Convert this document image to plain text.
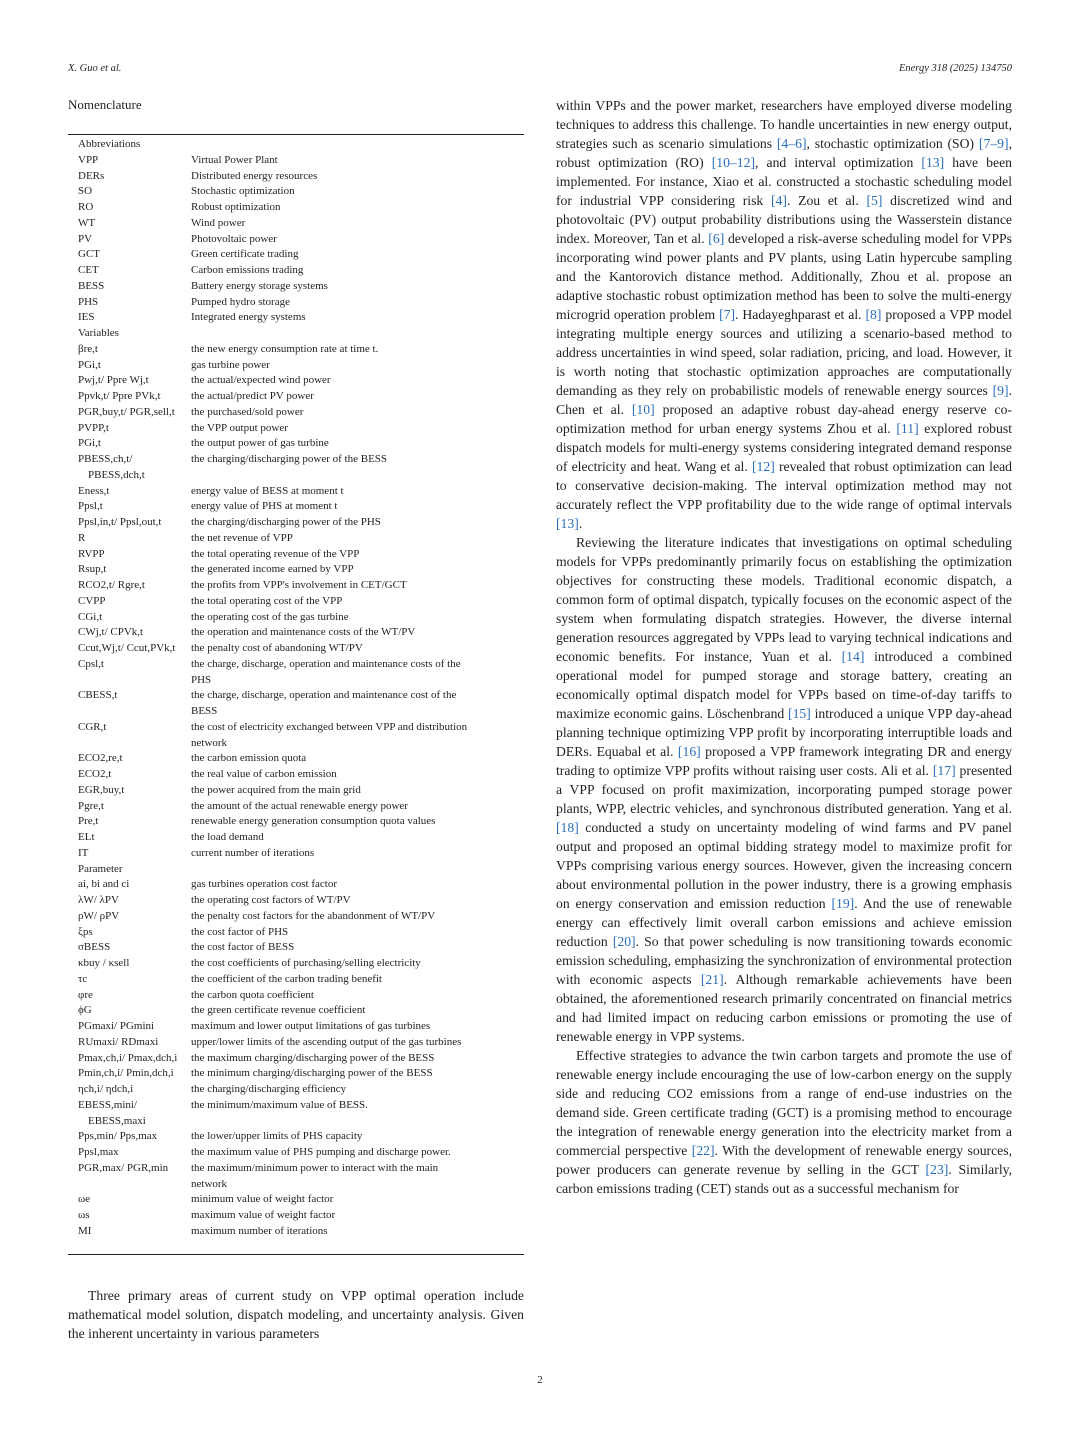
X. Guo et al.	Energy 318 (2025) 134750
Nomenclature
Abbreviations
VPP	Virtual Power Plant
DERs	Distributed energy resources
SO	Stochastic optimization
RO	Robust optimization
WT	Wind power
PV	Photovoltaic power
GCT	Green certificate trading
CET	Carbon emissions trading
BESS	Battery energy storage systems
PHS	Pumped hydro storage
IES	Integrated energy systems
Variables
βre,t	the new energy consumption rate at time t.
PGi,t	gas turbine power
Pwj,t/ Ppre Wj,t	the actual/expected wind power
Ppvk,t/ Ppre PVk,t	the actual/predict PV power
PGR,buy,t/ PGR,sell,t	the purchased/sold power
PVPP,t	the VPP output power
PGi,t	the output power of gas turbine
PBESS,ch,t/	the charging/discharging power of the BESS
PBESS,dch,t
Eness,t	energy value of BESS at moment t
Ppsl,t	energy value of PHS at moment t
Ppsl,in,t/ Ppsl,out,t	the charging/discharging power of the PHS
R	the net revenue of VPP
RVPP	the total operating revenue of the VPP
Rsup,t	the generated income earned by VPP
RCO2,t/ Rgre,t	the profits from VPP's involvement in CET/GCT
CVPP	the total operating cost of the VPP
CGi,t	the operating cost of the gas turbine
CWj,t/ CPVk,t	the operation and maintenance costs of the WT/PV
Ccut,Wj,t/ Ccut,PVk,t	the penalty cost of abandoning WT/PV
Cpsl,t	the charge, discharge, operation and maintenance costs of the
PHS
CBESS,t	the charge, discharge, operation and maintenance cost of the
BESS
CGR,t	the cost of electricity exchanged between VPP and distribution
network
ECO2,re,t	the carbon emission quota
ECO2,t	the real value of carbon emission
EGR,buy,t	the power acquired from the main grid
Pgre,t	the amount of the actual renewable energy power
Pre,t	renewable energy generation consumption quota values
ELt	the load demand
IT	current number of iterations
Parameter
ai, bi and ci	gas turbines operation cost factor
λW/ λPV	the operating cost factors of WT/PV
ρW/ ρPV	the penalty cost factors for the abandonment of WT/PV
ξps	the cost factor of PHS
σBESS	the cost factor of BESS
κbuy / κsell	the cost coefficients of purchasing/selling electricity
τc	the coefficient of the carbon trading benefit
φre	the carbon quota coefficient
ϕG	the green certificate revenue coefficient
PGmaxi/ PGmini	maximum and lower output limitations of gas turbines
RUmaxi/ RDmaxi	upper/lower limits of the ascending output of the gas turbines
Pmax,ch,i/ Pmax,dch,i	the maximum charging/discharging power of the BESS
Pmin,ch,i/ Pmin,dch,i	the minimum charging/discharging power of the BESS
ηch,i/ ηdch,i	the charging/discharging efficiency
EBESS,mini/	the minimum/maximum value of BESS.
EBESS,maxi
Pps,min/ Pps,max	the lower/upper limits of PHS capacity
Ppsl,max	the maximum value of PHS pumping and discharge power.
PGR,max/ PGR,min	the maximum/minimum power to interact with the main
network
ωe	minimum value of weight factor
ωs	maximum value of weight factor
MI	maximum number of iterations
Three primary areas of current study on VPP optimal operation include mathematical model solution, dispatch modeling, and uncertainty analysis. Given the inherent uncertainty in various parameters

within VPPs and the power market, researchers have employed diverse modeling techniques to address this challenge. To handle uncertainties in new energy output, strategies such as scenario simulations [4–6], stochastic optimization (SO) [7–9], robust optimization (RO) [10–12], and interval optimization [13] have been implemented. For instance, Xiao et al. constructed a stochastic scheduling model for industrial VPP considering risk [4]. Zou et al. [5] discretized wind and photovoltaic (PV) output probability distributions using the Wasserstein distance index. Moreover, Tan et al. [6] developed a risk-averse scheduling model for VPPs incorporating wind power plants and PV plants, using Latin hypercube sampling and the Kantorovich distance method. Additionally, Zhou et al. propose an adaptive stochastic robust optimization method has been to solve the multi-energy microgrid operation problem [7]. Hadayeghparast et al. [8] proposed a VPP model integrating multiple energy sources and utilizing a scenario-based method to address uncertainties in wind speed, solar radiation, pricing, and load. However, it is worth noting that stochastic optimization approaches are computationally demanding as they rely on probabilistic models of renewable energy sources [9]. Chen et al. [10] proposed an adaptive robust day-ahead energy reserve co-optimization method for urban energy systems Zhou et al. [11] explored robust dispatch models for multi-energy systems considering integrated demand response of electricity and heat. Wang et al. [12] revealed that robust optimization can lead to conservative decision-making. The interval optimization method may not accurately reflect the VPP profitability due to the wide range of optimal intervals [13].

Reviewing the literature indicates that investigations on optimal scheduling models for VPPs predominantly primarily focus on establishing the optimization objectives for constructing these models. Traditional economic dispatch, a common form of optimal dispatch, typically focuses on the economic aspect of the system when formulating dispatch strategies. However, the diverse internal generation resources aggregated by VPPs lead to varying technical indications and economic benefits. For instance, Yuan et al. [14] introduced a combined operational model for pumped storage and storage battery, creating an economically optimal dispatch model for VPPs based on time-of-day tariffs to maximize economic gains. Löschenbrand [15] introduced a unique VPP day-ahead planning technique optimizing VPP profit by incorporating interruptible loads and DERs. Equabal et al. [16] proposed a VPP framework integrating DR and energy trading to optimize VPP profits without raising user costs. Ali et al. [17] presented a VPP focused on profit maximization, incorporating pumped storage power plants, WPP, electric vehicles, and synchronous distributed generation. Yang et al. [18] conducted a study on uncertainty modeling of wind farms and PV panel output and proposed an optimal bidding strategy model to maximize profit for VPPs comprising various energy sources. However, given the increasing concern about environmental pollution in the power industry, there is a growing emphasis on energy conservation and emission reduction [19]. And the use of renewable energy can effectively limit overall carbon emissions and achieve emission reduction [20]. So that power scheduling is now transitioning towards economic emission scheduling, emphasizing the synchronization of environmental protection with economic aspects [21]. Although remarkable achievements have been obtained, the aforementioned research primarily concentrated on financial metrics and had limited impact on reducing carbon emissions or promoting the use of renewable energy in VPP systems.

Effective strategies to advance the twin carbon targets and promote the use of renewable energy include encouraging the use of low-carbon energy on the supply side and reducing CO2 emissions from a range of end-use industries on the demand side. Green certificate trading (GCT) is a promising method to encourage the integration of renewable energy generation into the electricity market from a commercial perspective [22]. With the development of renewable energy sources, power producers can generate revenue by selling in the GCT [23]. Similarly, carbon emissions trading (CET) stands out as a successful mechanism for

2
